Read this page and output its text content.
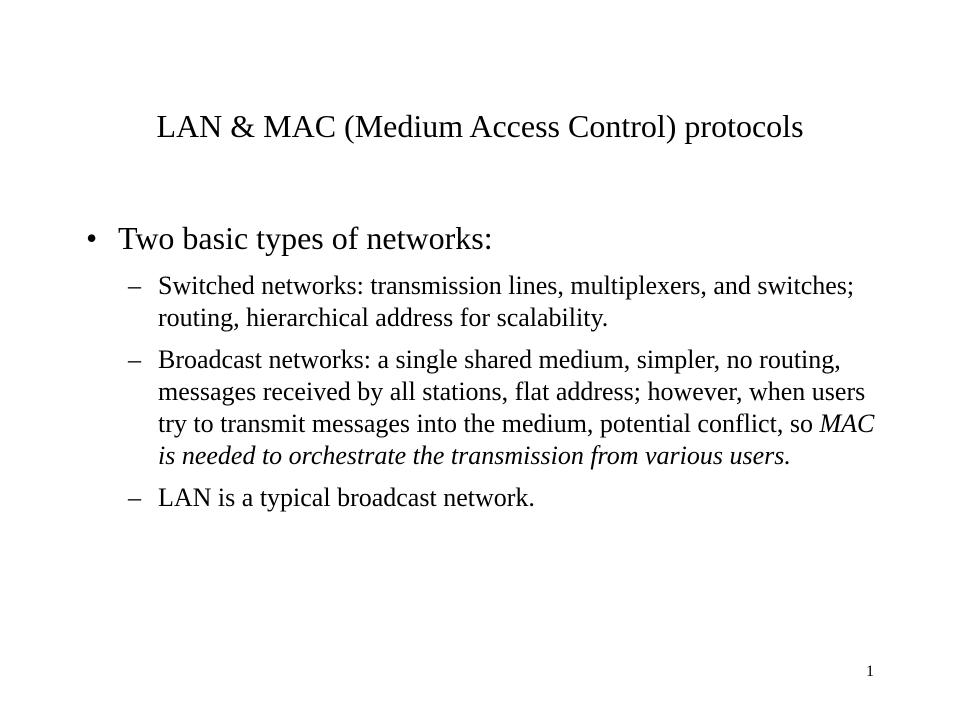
LAN & MAC (Medium Access Control) protocols
• Two basic types of networks:
– Switched networks: transmission lines, multiplexers, and switches; routing, hierarchical address for scalability.
– Broadcast networks: a single shared medium, simpler, no routing, messages received by all stations, flat address; however, when users try to transmit messages into the medium, potential conflict, so MAC is needed to orchestrate the transmission from various users.
– LAN is a typical broadcast network.
1
